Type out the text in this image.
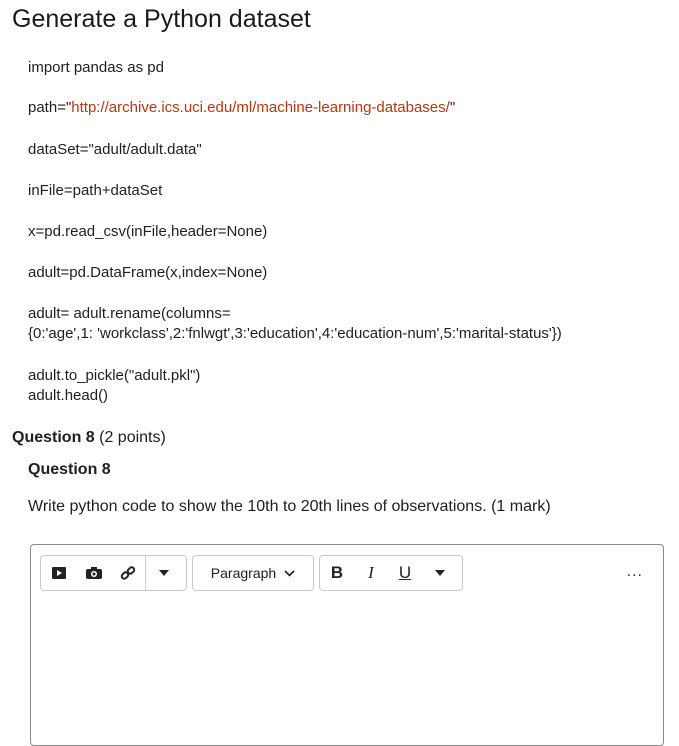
Generate a Python dataset
import pandas as pd
path="http://archive.ics.uci.edu/ml/machine-learning-databases/"
dataSet="adult/adult.data"
inFile=path+dataSet
x=pd.read_csv(inFile,header=None)
adult=pd.DataFrame(x,index=None)
adult= adult.rename(columns=
{0:'age',1: 'workclass',2:'fnlwgt',3:'education',4:'education-num',5:'marital-status'})
adult.to_pickle("adult.pkl")
adult.head()
Question 8 (2 points)
Question 8
Write python code to show the 10th to 20th lines of observations. (1 mark)
Paragraph	B	I	U	...
